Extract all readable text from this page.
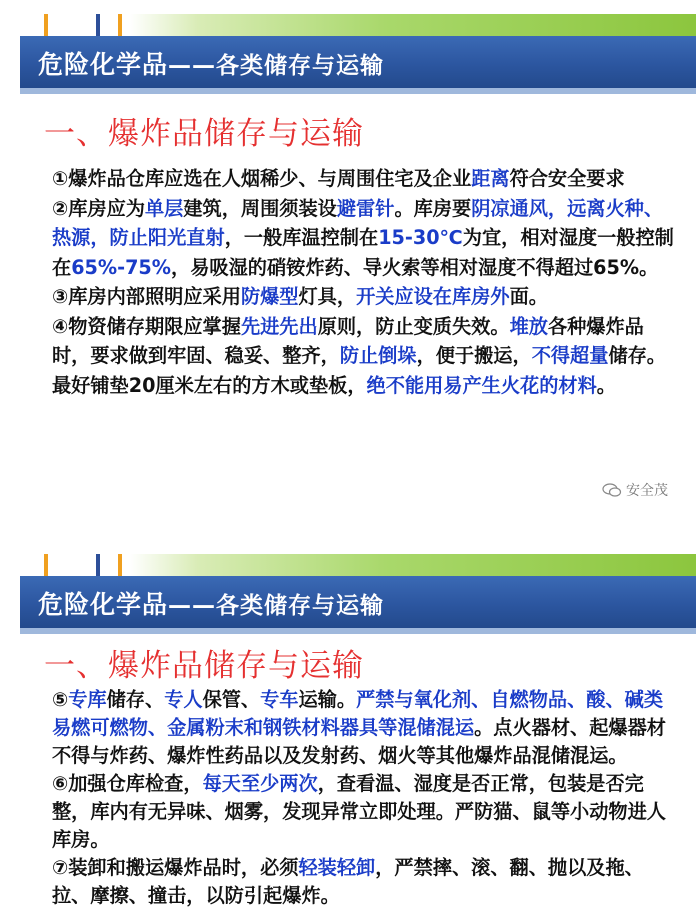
危险化学品——各类储存与运输
一、爆炸品储存与运输

①爆炸品仓库应选在人烟稀少、与周围住宅及企业距离符合安全要求

②库房应为单层建筑，周围须装设避雷针。库房要阴凉通风，远离火种、热源，防止阳光直射，一般库温控制在15-30℃为宜，相对湿度一般控制在65%-75%，易吸湿的硝铵炸药、导火索等相对湿度不得超过65%。

③库房内部照明应采用防爆型灯具，开关应设在库房外面。

④物资储存期限应掌握先进先出原则，防止变质失效。堆放各种爆炸品时，要求做到牢固、稳妥、整齐，防止倒垛，便于搬运，不得超量储存。最好铺垫20厘米左右的方木或垫板，绝不能用易产生火花的材料。

安全茂
危险化学品——各类储存与运输
一、爆炸品储存与运输

⑤专库储存、专人保管、专车运输。严禁与氧化剂、自燃物品、酸、碱类易燃可燃物、金属粉末和钢铁材料器具等混储混运。点火器材、起爆器材不得与炸药、爆炸性药品以及发射药、烟火等其他爆炸品混储混运。

⑥加强仓库检查，每天至少两次，查看温、湿度是否正常，包装是否完整，库内有无异味、烟雾，发现异常立即处理。严防猫、鼠等小动物进人库房。

⑦装卸和搬运爆炸品时，必须轻装轻卸，严禁摔、滚、翻、抛以及拖、拉、摩擦、撞击，以防引起爆炸。
